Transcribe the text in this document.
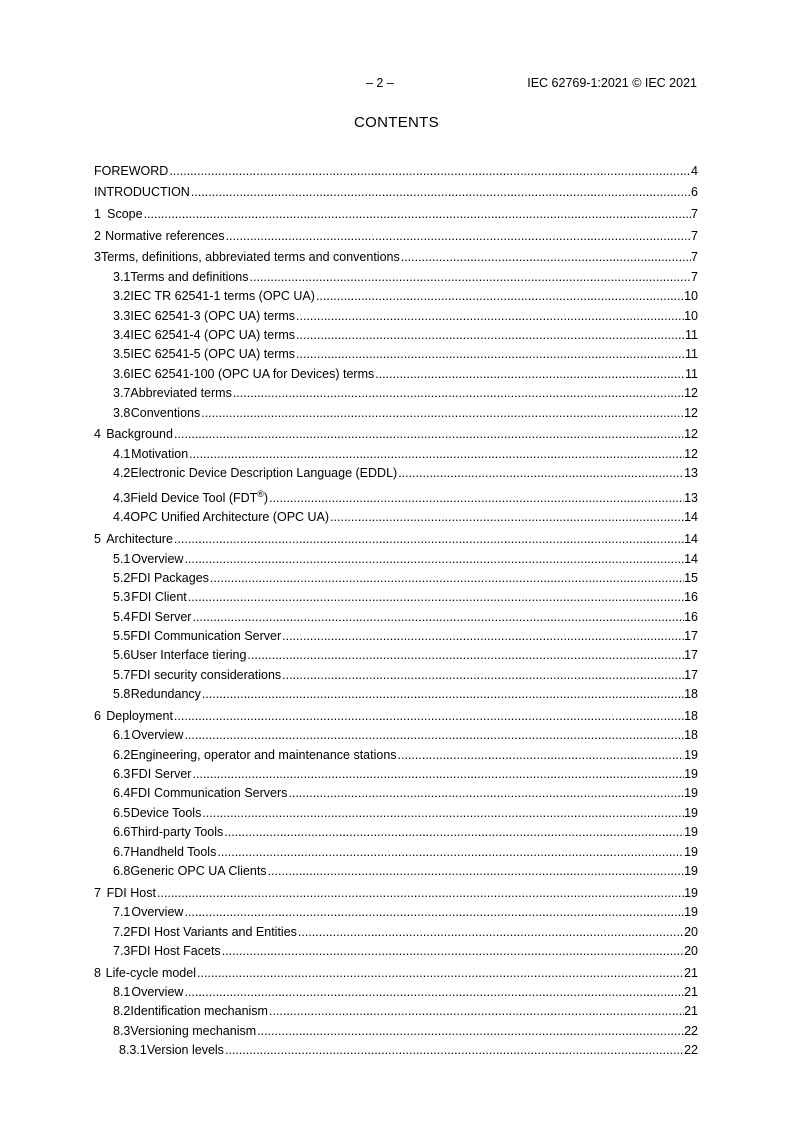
– 2 –	IEC 62769-1:2021 © IEC 2021
CONTENTS
FOREWORD .....	4
INTRODUCTION .....	6
1 Scope .....	7
2 Normative references .....	7
3 Terms, definitions, abbreviated terms and conventions .....	7
3.1 Terms and definitions .....	7
3.2 IEC TR 62541-1 terms (OPC UA) .....	10
3.3 IEC 62541-3 (OPC UA) terms .....	10
3.4 IEC 62541-4 (OPC UA) terms .....	11
3.5 IEC 62541-5 (OPC UA) terms .....	11
3.6 IEC 62541-100 (OPC UA for Devices) terms .....	11
3.7 Abbreviated terms .....	12
3.8 Conventions .....	12
4 Background .....	12
4.1 Motivation .....	12
4.2 Electronic Device Description Language (EDDL) .....	13
4.3 Field Device Tool (FDT®) .....	13
4.4 OPC Unified Architecture (OPC UA) .....	14
5 Architecture .....	14
5.1 Overview .....	14
5.2 FDI Packages .....	15
5.3 FDI Client .....	16
5.4 FDI Server .....	16
5.5 FDI Communication Server .....	17
5.6 User Interface tiering .....	17
5.7 FDI security considerations .....	17
5.8 Redundancy .....	18
6 Deployment .....	18
6.1 Overview .....	18
6.2 Engineering, operator and maintenance stations .....	19
6.3 FDI Server .....	19
6.4 FDI Communication Servers .....	19
6.5 Device Tools .....	19
6.6 Third-party Tools .....	19
6.7 Handheld Tools .....	19
6.8 Generic OPC UA Clients .....	19
7 FDI Host .....	19
7.1 Overview .....	19
7.2 FDI Host Variants and Entities .....	20
7.3 FDI Host Facets .....	20
8 Life-cycle model .....	21
8.1 Overview .....	21
8.2 Identification mechanism .....	21
8.3 Versioning mechanism .....	22
8.3.1 Version levels .....	22
